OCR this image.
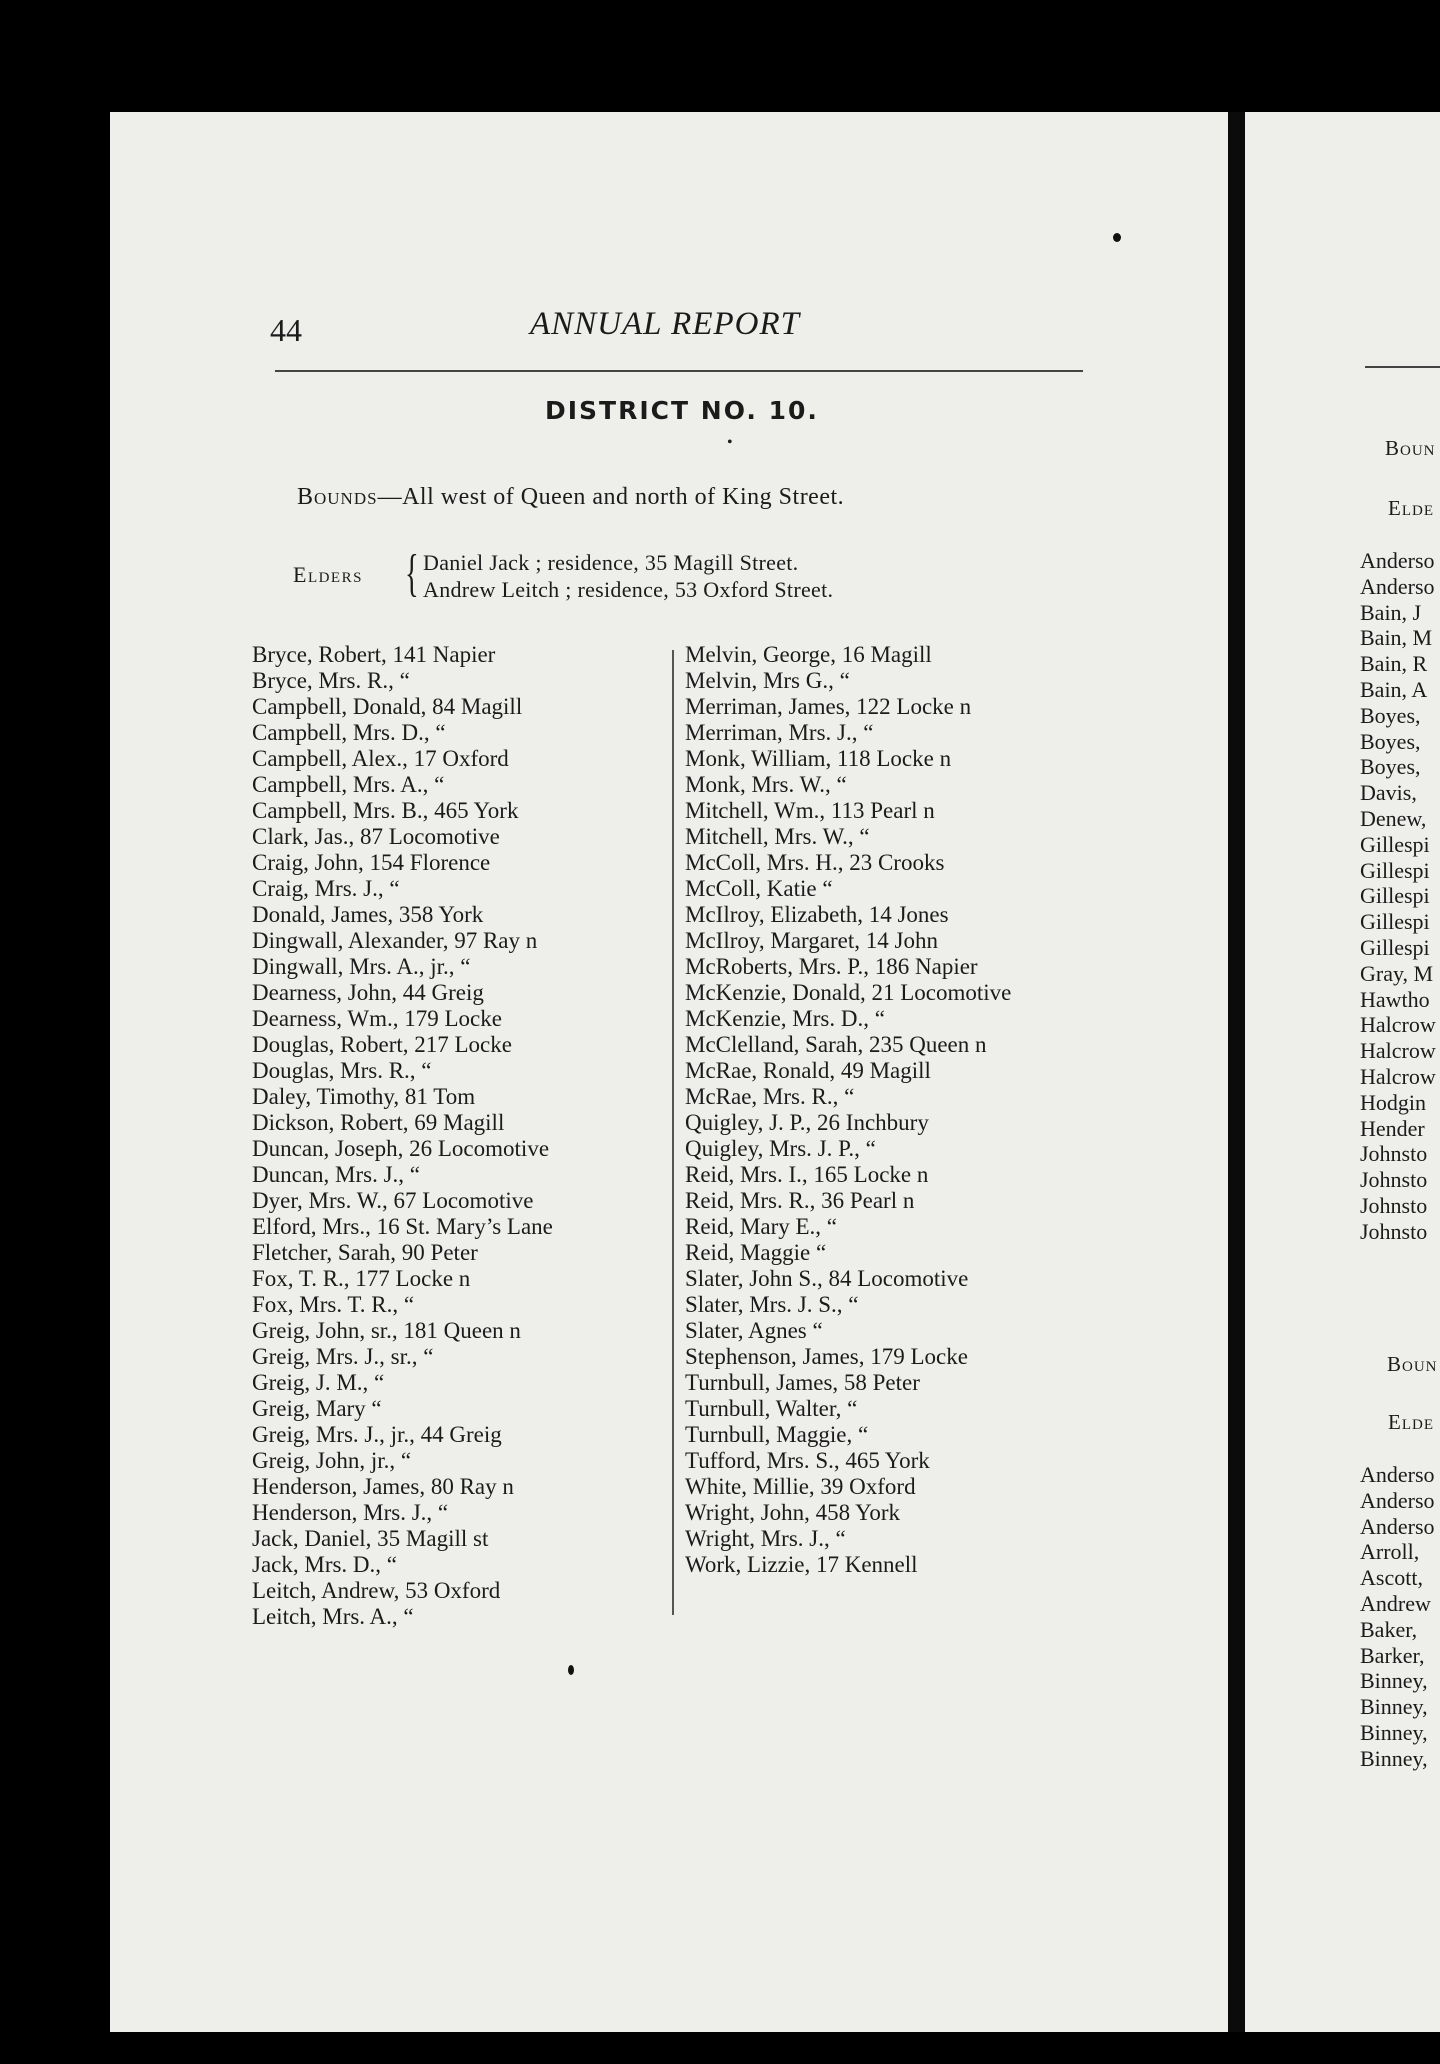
44	ANNUAL REPORT
DISTRICT NO. 10.
•
Bounds—All west of Queen and north of King Street.
Elders { Daniel Jack ; residence, 35 Magill Street.
Andrew Leitch ; residence, 53 Oxford Street.
Bryce, Robert, 141 Napier
Bryce, Mrs. R., “
Campbell, Donald, 84 Magill
Campbell, Mrs. D., “
Campbell, Alex., 17 Oxford
Campbell, Mrs. A., “
Campbell, Mrs. B., 465 York
Clark, Jas., 87 Locomotive
Craig, John, 154 Florence
Craig, Mrs. J., “
Donald, James, 358 York
Dingwall, Alexander, 97 Ray n
Dingwall, Mrs. A., jr., “
Dearness, John, 44 Greig
Dearness, Wm., 179 Locke
Douglas, Robert, 217 Locke
Douglas, Mrs. R., “
Daley, Timothy, 81 Tom
Dickson, Robert, 69 Magill
Duncan, Joseph, 26 Locomotive
Duncan, Mrs. J., “
Dyer, Mrs. W., 67 Locomotive
Elford, Mrs., 16 St. Mary’s Lane
Fletcher, Sarah, 90 Peter
Fox, T. R., 177 Locke n
Fox, Mrs. T. R., “
Greig, John, sr., 181 Queen n
Greig, Mrs. J., sr., “
Greig, J. M., “
Greig, Mary “
Greig, Mrs. J., jr., 44 Greig
Greig, John, jr., “
Henderson, James, 80 Ray n
Henderson, Mrs. J., “
Jack, Daniel, 35 Magill st
Jack, Mrs. D., “
Leitch, Andrew, 53 Oxford
Leitch, Mrs. A., “
Melvin, George, 16 Magill
Melvin, Mrs G., “
Merriman, James, 122 Locke n
Merriman, Mrs. J., “
Monk, William, 118 Locke n
Monk, Mrs. W., “
Mitchell, Wm., 113 Pearl n
Mitchell, Mrs. W., “
McColl, Mrs. H., 23 Crooks
McColl, Katie “
McIlroy, Elizabeth, 14 Jones
McIlroy, Margaret, 14 John
McRoberts, Mrs. P., 186 Napier
McKenzie, Donald, 21 Locomotive
McKenzie, Mrs. D., “
McClelland, Sarah, 235 Queen n
McRae, Ronald, 49 Magill
McRae, Mrs. R., “
Quigley, J. P., 26 Inchbury
Quigley, Mrs. J. P., “
Reid, Mrs. I., 165 Locke n
Reid, Mrs. R., 36 Pearl n
Reid, Mary E., “
Reid, Maggie “
Slater, John S., 84 Locomotive
Slater, Mrs. J. S., “
Slater, Agnes “
Stephenson, James, 179 Locke
Turnbull, James, 58 Peter
Turnbull, Walter, “
Turnbull, Maggie, “
Tufford, Mrs. S., 465 York
White, Millie, 39 Oxford
Wright, John, 458 York
Wright, Mrs. J., “
Work, Lizzie, 17 Kennell
Boun
Elde
Anderso
Anderso
Bain, J
Bain, M
Bain, R
Bain, A
Boyes,
Boyes,
Boyes,
Davis,
Denew,
Gillespi
Gillespi
Gillespi
Gillespi
Gillespi
Gray, M
Hawtho
Halcrow
Halcrow
Halcrow
Hodgin
Hender
Johnsto
Johnsto
Johnsto
Johnsto
Boun
Elde
Anderso
Anderso
Anderso
Arroll,
Ascott,
Andrew
Baker,
Barker,
Binney,
Binney,
Binney,
Binney,
